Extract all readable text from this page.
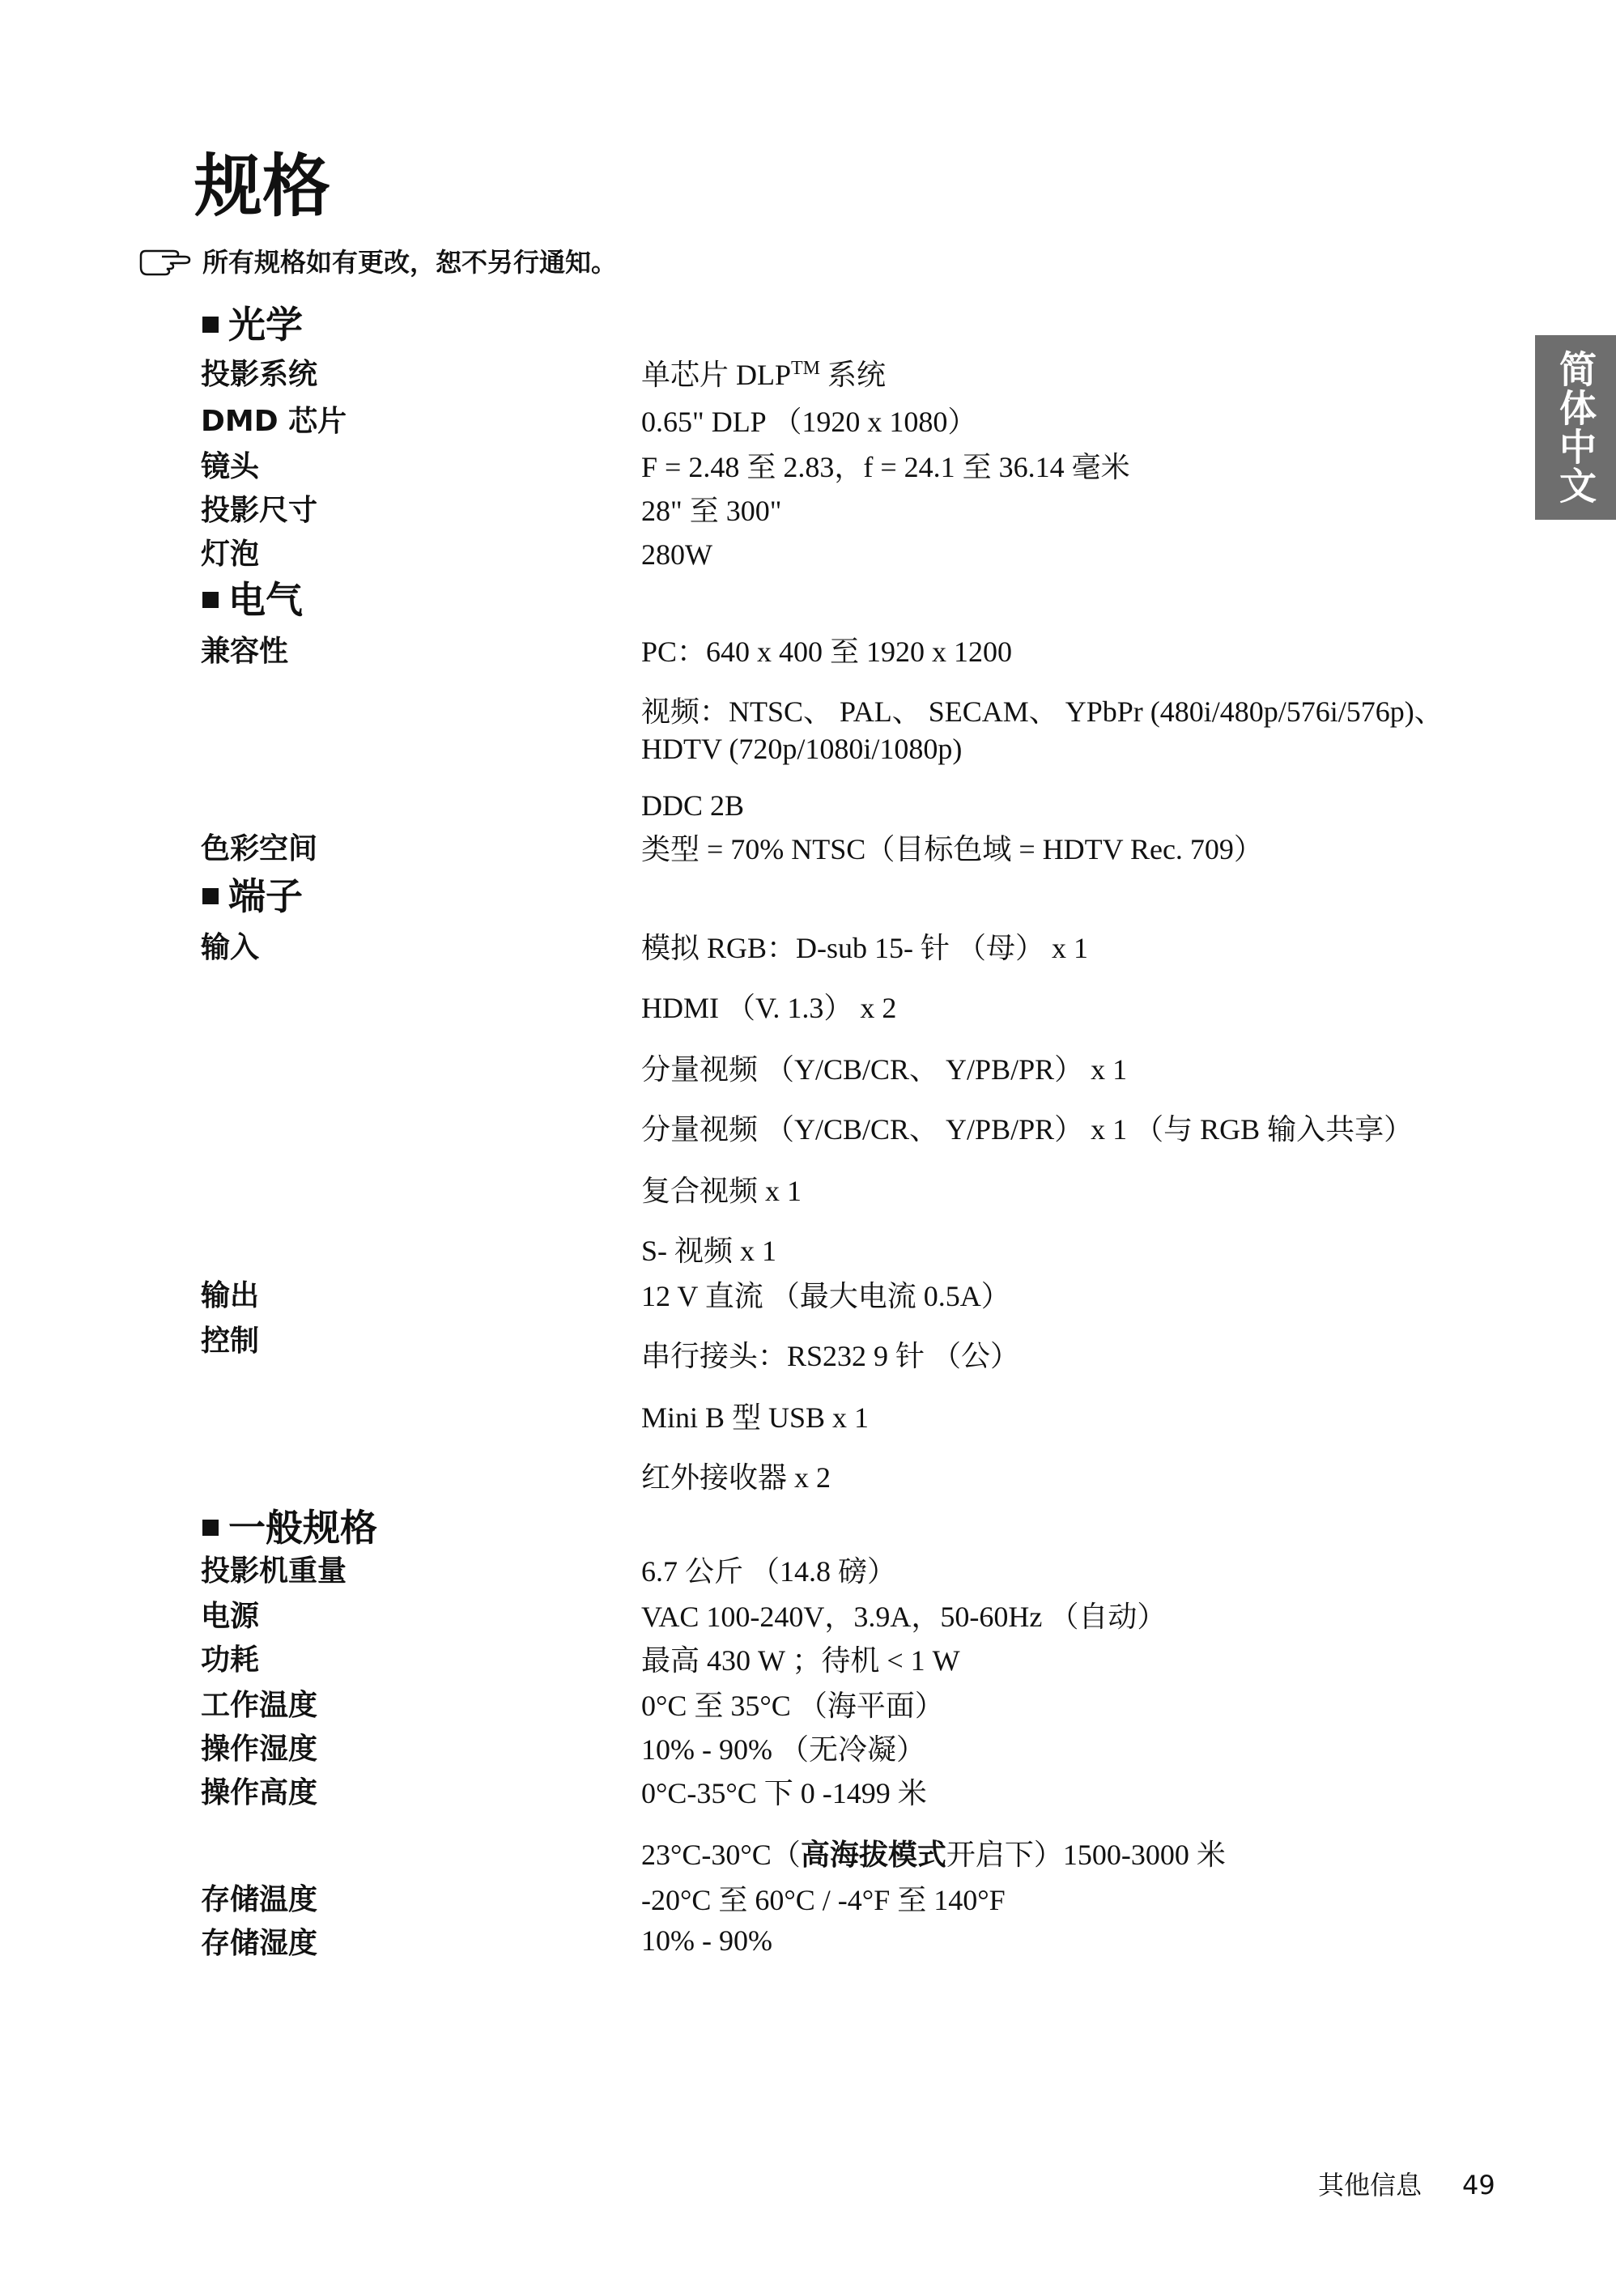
规格
所有规格如有更改，恕不另行通知。
简体中文
光学
投影系统	单芯片 DLP™ 系统
DMD 芯片	0.65" DLP （1920 x 1080）
镜头	F = 2.48 至 2.83，f = 24.1 至 36.14 毫米
投影尺寸	28" 至 300"
灯泡	280W
电气
兼容性	PC：640 x 400 至 1920 x 1200
视频：NTSC、 PAL、 SECAM、 YPbPr (480i/480p/576i/576p)、HDTV (720p/1080i/1080p)
DDC 2B
色彩空间	类型 = 70% NTSC（目标色域 = HDTV Rec. 709）
端子
输入	模拟 RGB：D-sub 15- 针 （母） x 1
HDMI （V. 1.3） x 2
分量视频 （Y/CB/CR、 Y/PB/PR） x 1
分量视频 （Y/CB/CR、 Y/PB/PR） x 1 （与 RGB 输入共享）
复合视频 x 1
S- 视频 x 1
输出	12 V 直流 （最大电流 0.5A）
控制	串行接头：RS232 9 针 （公）
Mini B 型 USB x 1
红外接收器 x 2
一般规格
投影机重量	6.7 公斤 （14.8 磅）
电源	VAC 100-240V，3.9A，50-60Hz （自动）
功耗	最高 430 W ；待机 < 1 W
工作温度	0°C 至 35°C （海平面）
操作湿度	10% - 90% （无冷凝）
操作高度	0°C-35°C 下 0 -1499 米
23°C-30°C（高海拔模式开启下）1500-3000 米
存储温度	-20°C 至 60°C / -4°F 至 140°F
存储湿度	10% - 90%
其他信息 49
